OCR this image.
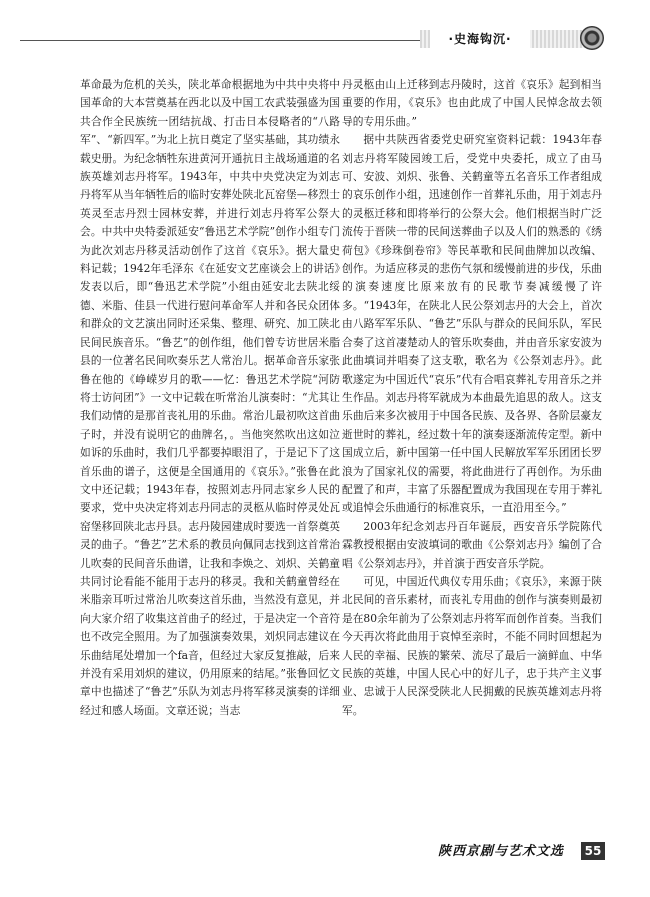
·史海钩沉·

革命最为危机的关头，陕北革命根据地为中共中央将中国革命的大本营奠基在西北以及中国工农武装强盛为国共合作全民族统一团结抗战、打击日本侵略者的“八路军”、“新四军。”为北上抗日奠定了坚实基础，其功绩永载史册。为纪念牺牲东进黄河开通抗日主战场通道的名族英雄刘志丹将军。1943年，中共中央党决定为刘志丹将军从当年牺牲后的临时安葬处陕北瓦窑堡—移烈士英灵至志丹烈士园林安葬，并进行刘志丹将军公祭大会。中共中央特委派延安“鲁迅艺术学院”创作小组专门为此次刘志丹移灵活动创作了这首《哀乐》。据大量史料记载；1942年毛泽东《在延安文艺座谈会上的讲话》发表以后，即“鲁迅艺术学院”小组由延安北去陕北绥德、米脂、佳县一代进行慰问革命军人并和各民众团体和群众的文艺演出同时还采集、整理、研究、加工陕北民间民族音乐。“鲁艺”的创作组，他们曾专访世居米脂县的一位著名民间吹奏乐艺人常治儿。据革命音乐家张鲁在他的《峥嵘岁月的歌——忆：鲁迅艺术学院“河防将士访问团”》一文中记载在听常治儿演奏时：“尤其让我们动情的是那首丧礼用的乐曲。常治儿最初吹这首曲子时，并没有说明它的曲牌名，。当他突然吹出这如泣如诉的乐曲时，我们几乎都要掉眼泪了，于是记下了这首乐曲的谱子，这便是全国通用的《哀乐》。”张鲁在此文中还记载；1943年春，按照刘志丹同志家乡人民的要求，党中央决定将刘志丹同志的灵柩从临时停灵处瓦窑堡移回陕北志丹县。志丹陵园建成时要选一首祭奠英灵的曲子。“鲁艺”艺术系的教员向佩同志找到这首常治儿吹奏的民间音乐曲谱，让我和李焕之、刘炽、关鹤童共同讨论看能不能用于志丹的移灵。我和关鹤童曾经在米脂亲耳听过常治儿吹奏这首乐曲，当然没有意见，并向大家介绍了收集这首曲子的经过，于是决定一个音符也不改完全照用。为了加强演奏效果，刘炽同志建议在乐曲结尾处增加一个fa音，但经过大家反复推敲，后来并没有采用刘炽的建议，仍用原来的结尾。”张鲁回忆文章中也描述了“鲁艺”乐队为刘志丹将军移灵演奏的详细经过和感人场面。文章还说；当志

丹灵柩由山上迁移到志丹陵时，这首《哀乐》起到相当重要的作用，《哀乐》也由此成了中国人民悼念故去领导的专用乐曲。”

据中共陕西省委党史研究室资料记载：1943年春刘志丹将军陵园竣工后，受党中央委托，成立了由马可、安波、刘炽、张鲁、关鹤童等五名音乐工作者组成的哀乐创作小组，迅速创作一首葬礼乐曲，用于刘志丹的灵柩迁移和即将举行的公祭大会。他们根据当时广泛流传于晋陕一带的民间送葬曲子以及人们的熟悉的《绣荷包》《珍珠倒卷帘》等民革歌和民间曲牌加以改编、创作。为适应移灵的悲伤气氛和缓慢前进的步伐，乐曲的演奏速度比原来放有的民歌节奏减缓慢了许多。“1943年，在陕北人民公祭刘志丹的大会上，首次由八路军军乐队、“鲁艺”乐队与群众的民间乐队，军民合奏了这首凄楚动人的管乐吹奏曲，并由音乐家安波为此曲填词并唱奏了这支歌，歌名为《公祭刘志丹》。此歌遂定为中国近代“哀乐”代有合唱哀葬礼专用音乐之并生作品。刘志丹将军就成为本曲最先追思的敌人。这支乐曲后来多次被用于中国各民族、及各界、各阶层豪友逝世时的葬礼，经过数十年的演奏逐渐流传定型。新中国成立后，新中国第一任中国人民解放军军乐团团长罗浪为了国家礼仪的需要，将此曲进行了再创作。为乐曲配置了和声，丰富了乐器配置成为我国现在专用于葬礼或追悼会乐曲通行的标准哀乐，一直沿用至今。”

2003年纪念刘志丹百年诞辰，西安音乐学院陈代霖教授根据由安波填词的歌曲《公祭刘志丹》编创了合唱《公祭刘志丹》，并首演于西安音乐学院。

可见，中国近代典仪专用乐曲；《哀乐》，来源于陕北民间的音乐素材，而丧礼专用曲的创作与演奏则最初是在80余年前为了公祭刘志丹将军而创作首奏。当我们今天再次将此曲用于哀悼至亲时，不能不同时回想起为人民的幸福、民族的繁荣、流尽了最后一滴鲜血、中华民族的英雄，中国人民心中的好儿子，忠于共产主义事业、忠诚于人民深受陕北人民拥戴的民族英雄刘志丹将军。

陕西京剧与艺术文选	55
